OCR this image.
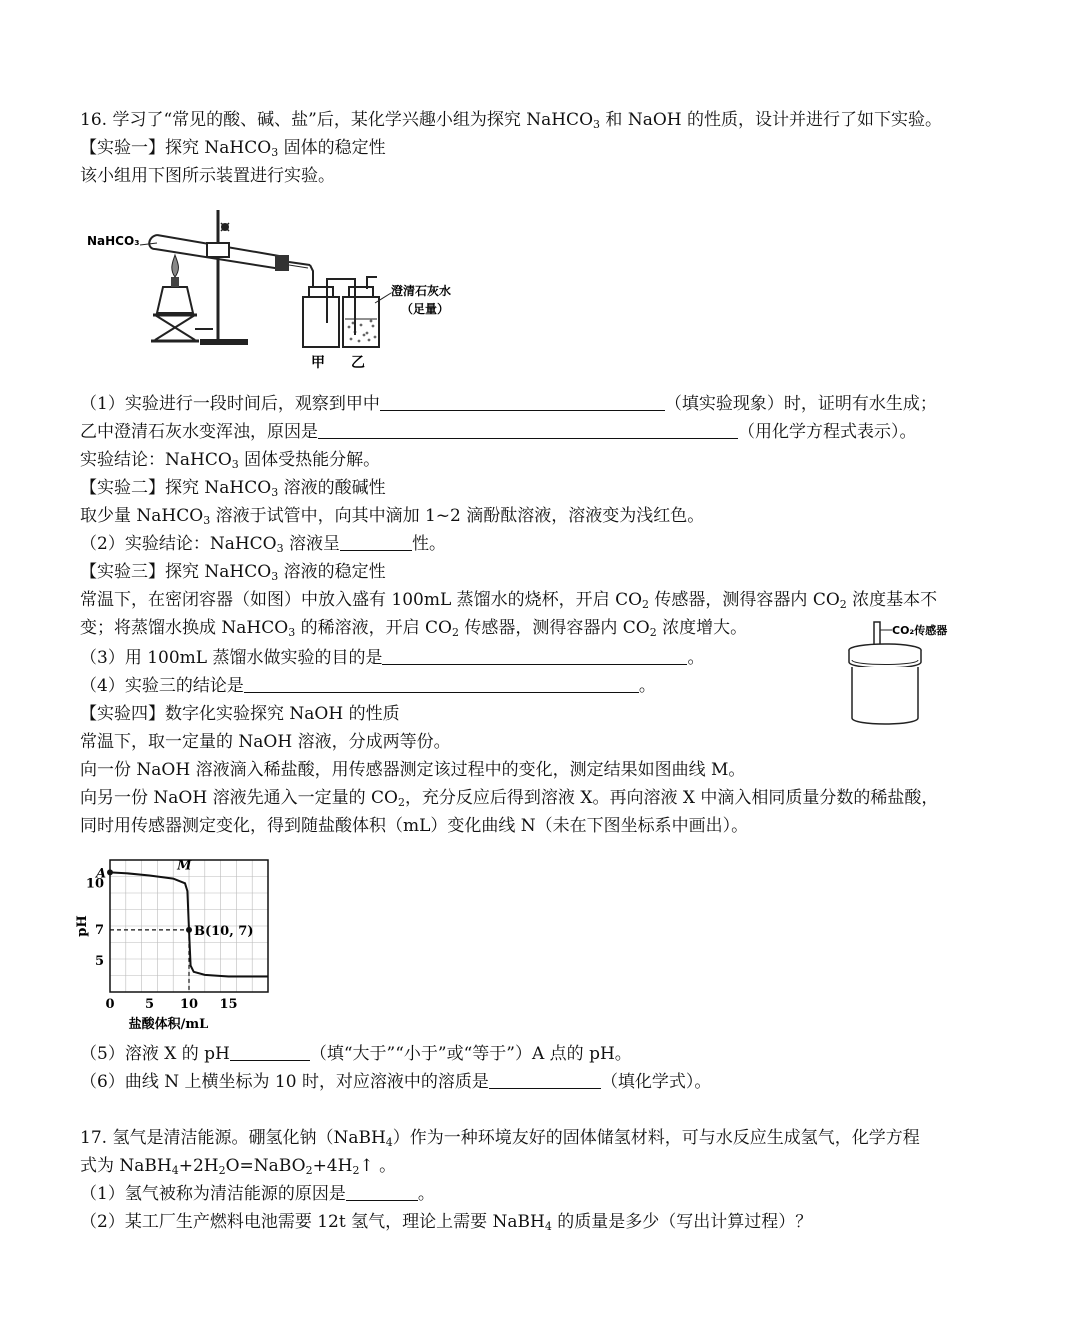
16. 学习了“常见的酸、碱、盐”后，某化学兴趣小组为探究 NaHCO$_3$ 和 NaOH 的性质，设计并进行了如下实验。
【实验一】探究 NaHCO$_3$ 固体的稳定性
该小组用下图所示装置进行实验。
NaHCO₃
澄清石灰水
（足量）
甲 乙
（1）实验进行一段时间后，观察到甲中	（填实验现象）时，证明有水生成；
乙中澄清石灰水变浑浊，原因是	（用化学方程式表示）。
实验结论：NaHCO$_3$ 固体受热能分解。
【实验二】探究 NaHCO$_3$ 溶液的酸碱性
取少量 NaHCO$_3$ 溶液于试管中，向其中滴加 1~2 滴酚酞溶液，溶液变为浅红色。
（2）实验结论：NaHCO$_3$ 溶液呈	性。
【实验三】探究 NaHCO$_3$ 溶液的稳定性
常温下，在密闭容器（如图）中放入盛有 100mL 蒸馏水的烧杯，开启 $CO_2$ 传感器，测得容器内 $CO_2$ 浓度基本不
变；将蒸馏水换成 NaHCO$_3$ 的稀溶液，开启 $CO_2$ 传感器，测得容器内 $CO_2$ 浓度增大。
（3）用 100mL 蒸馏水做实验的目的是	。
（4）实验三的结论是	。
CO₂传感器
【实验四】数字化实验探究 NaOH 的性质
常温下，取一定量的 NaOH 溶液，分成两等份。
向一份 NaOH 溶液滴入稀盐酸，用传感器测定该过程中的变化，测定结果如图曲线 M。
向另一份 NaOH 溶液先通入一定量的 $CO_2$，充分反应后得到溶液 X。再向溶液 X 中滴入相同质量分数的稀盐酸，
同时用传感器测定变化，得到随盐酸体积（mL）变化曲线 N（未在下图坐标系中画出）。
0 5 10 15
10
7
5
M
A
B(10, 7)
pH
盐酸体积/mL
（5）溶液 X 的 pH	（填“大于”“小于”或“等于”）A 点的 pH。
（6）曲线 N 上横坐标为 10 时，对应溶液中的溶质是	（填化学式）。
17. 氢气是清洁能源。硼氢化钠（NaBH$_4$）作为一种环境友好的固体储氢材料，可与水反应生成氢气，化学方程
式为 $NaBH_4+2H_2O=NaBO_2+4H_2↑$ 。
（1）氢气被称为清洁能源的原因是	。
（2）某工厂生产燃料电池需要 12t 氢气，理论上需要 NaBH$_4$ 的质量是多少（写出计算过程）？
